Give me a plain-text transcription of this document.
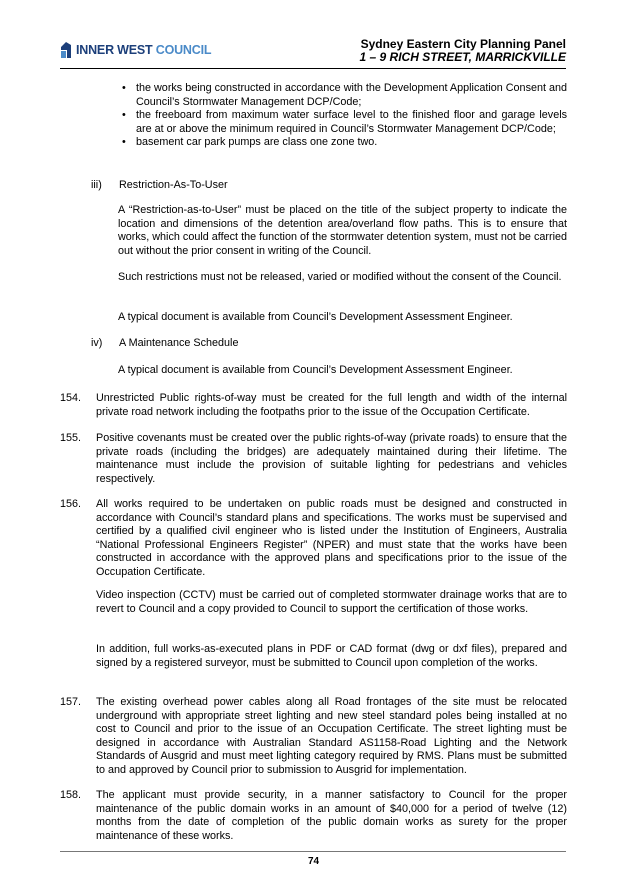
INNER WEST COUNCIL	Sydney Eastern City Planning Panel
1 – 9 RICH STREET, MARRICKVILLE
• the works being constructed in accordance with the Development Application Consent and Council’s Stormwater Management DCP/Code;
• the freeboard from maximum water surface level to the finished floor and garage levels are at or above the minimum required in Council’s Stormwater Management DCP/Code;
• basement car park pumps are class one zone two.
iii) Restriction-As-To-User
A “Restriction-as-to-User” must be placed on the title of the subject property to indicate the location and dimensions of the detention area/overland flow paths. This is to ensure that works, which could affect the function of the stormwater detention system, must not be carried out without the prior consent in writing of the Council.
Such restrictions must not be released, varied or modified without the consent of the Council.
A typical document is available from Council’s Development Assessment Engineer.
iv) A Maintenance Schedule
A typical document is available from Council’s Development Assessment Engineer.
154.	Unrestricted Public rights-of-way must be created for the full length and width of the internal private road network including the footpaths prior to the issue of the Occupation Certificate.
155.	Positive covenants must be created over the public rights-of-way (private roads) to ensure that the private roads (including the bridges) are adequately maintained during their lifetime. The maintenance must include the provision of suitable lighting for pedestrians and vehicles respectively.
156.	All works required to be undertaken on public roads must be designed and constructed in accordance with Council’s standard plans and specifications. The works must be supervised and certified by a qualified civil engineer who is listed under the Institution of Engineers, Australia “National Professional Engineers Register” (NPER) and must state that the works have been constructed in accordance with the approved plans and specifications prior to the issue of the Occupation Certificate.
Video inspection (CCTV) must be carried out of completed stormwater drainage works that are to revert to Council and a copy provided to Council to support the certification of those works.
In addition, full works-as-executed plans in PDF or CAD format (dwg or dxf files), prepared and signed by a registered surveyor, must be submitted to Council upon completion of the works.
157.	The existing overhead power cables along all Road frontages of the site must be relocated underground with appropriate street lighting and new steel standard poles being installed at no cost to Council and prior to the issue of an Occupation Certificate. The street lighting must be designed in accordance with Australian Standard AS1158-Road Lighting and the Network Standards of Ausgrid and must meet lighting category required by RMS. Plans must be submitted to and approved by Council prior to submission to Ausgrid for implementation.
158.	The applicant must provide security, in a manner satisfactory to Council for the proper maintenance of the public domain works in an amount of $40,000 for a period of twelve (12) months from the date of completion of the public domain works as surety for the proper maintenance of these works.
74
